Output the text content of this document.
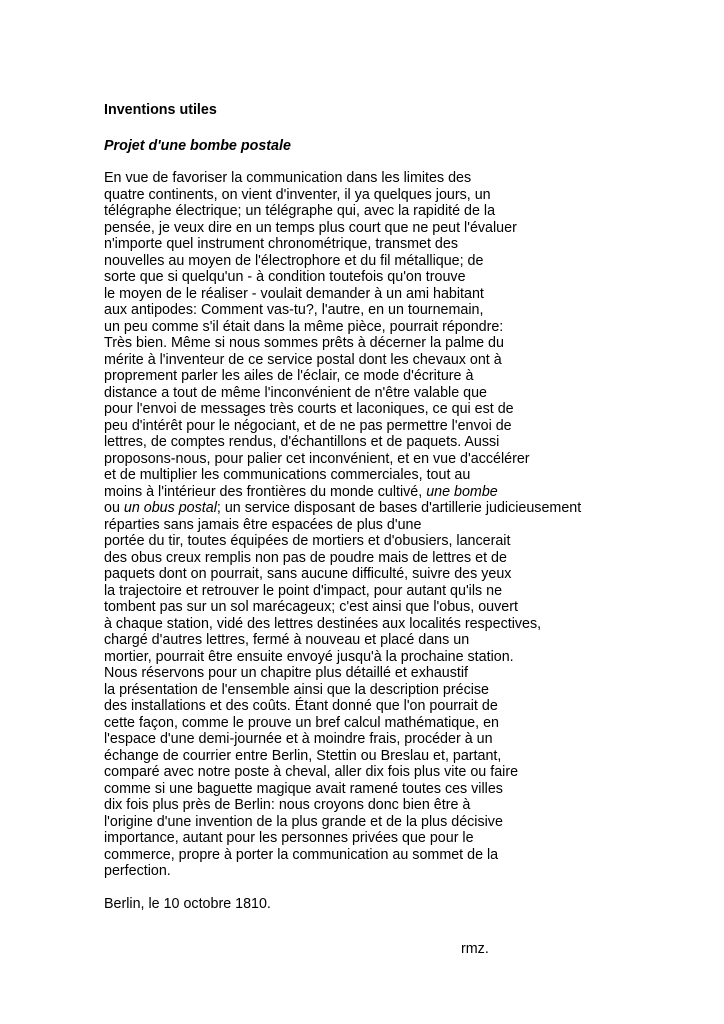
Inventions utiles
Projet d'une bombe postale
En vue de favoriser la communication dans les limites des
quatre continents, on vient d'inventer, il ya quelques jours, un
télégraphe électrique; un télégraphe qui, avec la rapidité de la
pensée, je veux dire en un temps plus court que ne peut l'évaluer
n'importe quel instrument chronométrique, transmet des
nouvelles au moyen de l'électrophore et du fil métallique; de
sorte que si quelqu'un - à condition toutefois qu'on trouve
le moyen de le réaliser - voulait demander à un ami habitant
aux antipodes: Comment vas-tu?, l'autre, en un tournemain,
un peu comme s'il était dans la même pièce, pourrait répondre:
Très bien. Même si nous sommes prêts à décerner la palme du
mérite à l'inventeur de ce service postal dont les chevaux ont à
proprement parler les ailes de l'éclair, ce mode d'écriture à
distance a tout de même l'inconvénient de n'être valable que
pour l'envoi de messages très courts et laconiques, ce qui est de
peu d'intérêt pour le négociant, et de ne pas permettre l'envoi de
lettres, de comptes rendus, d'échantillons et de paquets. Aussi
proposons-nous, pour palier cet inconvénient, et en vue d'accélérer
et de multiplier les communications commerciales, tout au
moins à l'intérieur des frontières du monde cultivé, une bombe
ou un obus postal; un service disposant de bases d'artillerie judicieusement
réparties sans jamais être espacées de plus d'une
portée du tir, toutes équipées de mortiers et d'obusiers, lancerait
des obus creux remplis non pas de poudre mais de lettres et de
paquets dont on pourrait, sans aucune difficulté, suivre des yeux
la trajectoire et retrouver le point d'impact, pour autant qu'ils ne
tombent pas sur un sol marécageux; c'est ainsi que l'obus, ouvert
à chaque station, vidé des lettres destinées aux localités respectives,
chargé d'autres lettres, fermé à nouveau et placé dans un
mortier, pourrait être ensuite envoyé jusqu'à la prochaine station.
Nous réservons pour un chapitre plus détaillé et exhaustif
la présentation de l'ensemble ainsi que la description précise
des installations et des coûts. Étant donné que l'on pourrait de
cette façon, comme le prouve un bref calcul mathématique, en
l'espace d'une demi-journée et à moindre frais, procéder à un
échange de courrier entre Berlin, Stettin ou Breslau et, partant,
comparé avec notre poste à cheval, aller dix fois plus vite ou faire
comme si une baguette magique avait ramené toutes ces villes
dix fois plus près de Berlin: nous croyons donc bien être à
l'origine d'une invention de la plus grande et de la plus décisive
importance, autant pour les personnes privées que pour le
commerce, propre à porter la communication au sommet de la
perfection.

Berlin, le 10 octobre 1810.

rmz.
